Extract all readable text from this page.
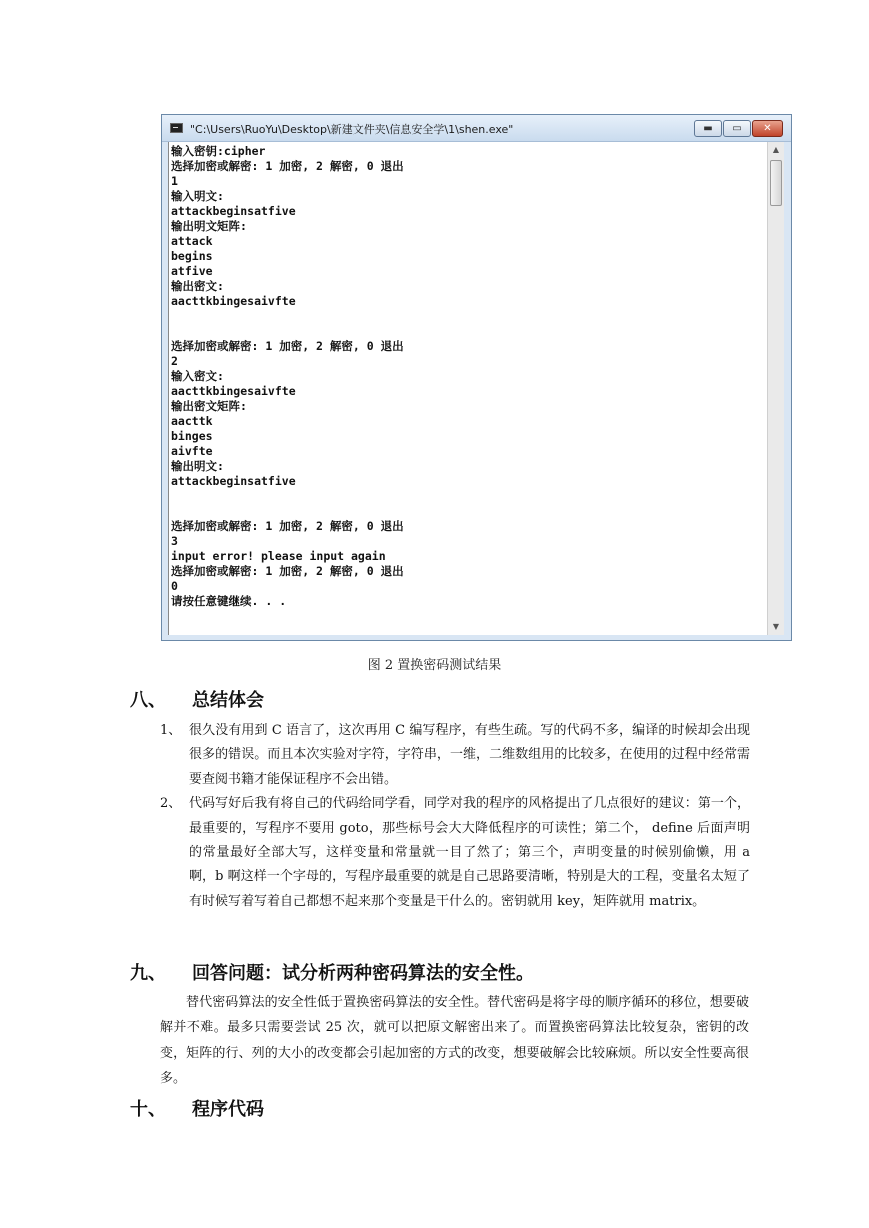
"C:\Users\RuoYu\Desktop\新建文件夹\信息安全学\1\shen.exe"	▬	▭	✕
输入密钥:cipher
选择加密或解密: 1 加密, 2 解密, 0 退出
1
输入明文:
attackbeginsatfive
输出明文矩阵:
attack
begins
atfive
输出密文:
aacttkbingesaivfte
选择加密或解密: 1 加密, 2 解密, 0 退出
2
输入密文:
aacttkbingesaivfte
输出密文矩阵:
aacttk
binges
aivfte
输出明文:
attackbeginsatfive
选择加密或解密: 1 加密, 2 解密, 0 退出
3
input error! please input again
选择加密或解密: 1 加密, 2 解密, 0 退出
0
请按任意键继续. . .
▲
▼
图 2 置换密码测试结果
八、 总结体会
1、 很久没有用到 C 语言了，这次再用 C 编写程序，有些生疏。写的代码不多，编译的时候却会出现很多的错误。而且本次实验对字符，字符串，一维，二维数组用的比较多，在使用的过程中经常需要查阅书籍才能保证程序不会出错。

2、 代码写好后我有将自己的代码给同学看，同学对我的程序的风格提出了几点很好的建议：第一个，最重要的，写程序不要用 goto，那些标号会大大降低程序的可读性；第二个， define 后面声明的常量最好全部大写，这样变量和常量就一目了然了；第三个，声明变量的时候别偷懒，用 a 啊，b 啊这样一个字母的，写程序最重要的就是自己思路要清晰，特别是大的工程，变量名太短了有时候写着写着自己都想不起来那个变量是干什么的。密钥就用 key，矩阵就用 matrix。

九、 回答问题：试分析两种密码算法的安全性。

替代密码算法的安全性低于置换密码算法的安全性。替代密码是将字母的顺序循环的移位，想要破解并不难。最多只需要尝试 25 次，就可以把原文解密出来了。而置换密码算法比较复杂，密钥的改变，矩阵的行、列的大小的改变都会引起加密的方式的改变，想要破解会比较麻烦。所以安全性要高很多。

十、 程序代码
